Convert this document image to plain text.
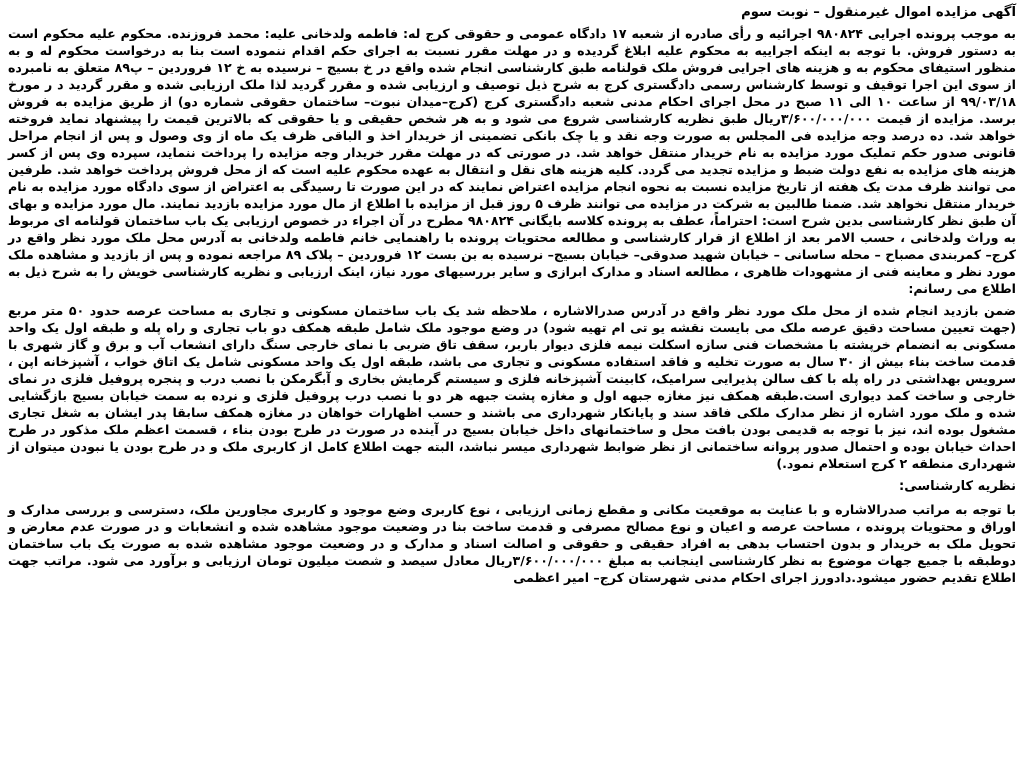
آگهی مزایده اموال غیرمنقول – نوبت سوم

به موجب پرونده اجرایی ۹۸۰۸۲۴ اجرائیه و رأی صادره از شعبه ۱۷ دادگاه عمومی و حقوقی کرج له: فاطمه ولدخانی علیه: محمد فروزنده. محکوم علیه محکوم است به دستور فروش. با توجه به اینکه اجراییه به محکوم علیه ابلاغ گردیده و در مهلت مقرر نسبت به اجرای حکم اقدام ننموده است بنا به درخواست محکوم له و به منظور استیفای محکوم به و هزینه های اجرایی فروش ملک قولنامه طبق کارشناسی انجام شده واقع در خ بسیج – نرسیده به خ ۱۲ فروردین – پ۸۹ متعلق به نامبرده از سوی این اجرا توقیف و توسط کارشناس رسمی دادگستری کرج به شرح ذیل توصیف و ارزیابی شده و مقرر گردید لذا ملک ارزیابی شده و مقرر گردید د ر مورخ ۹۹/۰۳/۱۸ از ساعت ۱۰ الی ۱۱ صبح در محل اجرای احکام مدنی شعبه دادگستری کرج (کرج–میدان نبوت– ساختمان حقوقی شماره دو) از طریق مزایده به فروش برسد. مزایده از قیمت ۳/۶۰۰/۰۰۰/۰۰۰ریال طبق نظریه کارشناسی شروع می شود و به هر شخص حقیقی و یا حقوقی که بالاترین قیمت را پیشنهاد نماید فروخته خواهد شد. ده درصد وجه مزایده فی المجلس به صورت وجه نقد و یا چک بانکی تضمینی از خریدار اخذ و الباقی ظرف یک ماه از وی وصول و پس از انجام مراحل قانونی صدور حکم تملیک مورد مزایده به نام خریدار منتقل خواهد شد. در صورتی که در مهلت مقرر خریدار وجه مزایده را پرداخت ننماید، سپرده وی پس از کسر هزینه های مزایده به نفع دولت ضبط و مزایده تجدید می گردد. کلیه هزینه های نقل و انتقال به عهده محکوم علیه است که از محل فروش پرداخت خواهد شد. طرفین می توانند ظرف مدت یک هفته از تاریخ مزایده نسبت به نحوه انجام مزایده اعتراض نمایند که در این صورت تا رسیدگی به اعتراض از سوی دادگاه مورد مزایده به نام خریدار منتقل نخواهد شد. ضمنا طالبین به شرکت در مزایده می توانند ظرف ۵ روز قبل از مزایده با اطلاع از مال مورد مزایده بازدید نمایند. مال مورد مزایده و بهای آن طبق نظر کارشناسی بدین شرح است: احتراماً، عطف به پرونده کلاسه بایگانی ۹۸۰۸۲۴ مطرح در آن اجراء در خصوص ارزیابی یک باب ساختمان قولنامه ای مربوط به وراث ولدخانی ، حسب الامر بعد از اطلاع از قرار کارشناسی و مطالعه محتویات پرونده با راهنمایی خانم فاطمه ولدخانی به آدرس محل ملک مورد نظر واقع در کرج– کمربندی مصباح – محله ساسانی – خیابان شهید صدوقی– خیابان بسیج– نرسیده به بن بست ۱۲ فروردین – پلاک ۸۹ مراجعه نموده و پس از بازدید و مشاهده ملک مورد نظر و معاینه فنی از مشهودات ظاهری ، مطالعه اسناد و مدارک ابرازی و سایر بررسیهای مورد نیاز، اینک ارزیابی و نظریه کارشناسی خویش را به شرح ذیل به اطلاع می رسانم:

ضمن بازدید انجام شده از محل ملک مورد نظر واقع در آدرس صدرالاشاره ، ملاحظه شد یک باب ساختمان مسکونی و تجاری به مساحت عرصه حدود ۵۰ متر مربع (جهت تعیین مساحت دقیق عرصه ملک می بایست نقشه یو تی ام تهیه شود) در وضع موجود ملک شامل طبقه همکف دو باب تجاری و راه پله و طبقه اول یک واحد مسکونی به انضمام خرپشته با مشخصات فنی سازه اسکلت نیمه فلزی دیوار باربر، سقف تاق ضربی با نمای خارجی سنگ دارای انشعاب آب و برق و گاز شهری با قدمت ساخت بناء بیش از ۳۰ سال به صورت تخلیه و فاقد استفاده مسکونی و تجاری می باشد، طبقه اول یک واحد مسکونی شامل یک اتاق خواب ، آشپزخانه اپن ، سرویس بهداشتی در راه پله با کف سالن پذیرایی سرامیک، کابینت آشپزخانه فلزی و سیستم گرمایش بخاری و آبگرمکن با نصب درب و پنجره پروفیل فلزی در نمای خارجی و ساخت کمد دیواری است.طبقه همکف نیز مغازه جبهه اول و مغازه پشت جبهه هر دو با نصب درب پروفیل فلزی و نرده به سمت خیابان بسیج بازگشایی شده و ملک مورد اشاره از نظر مدارک ملکی فاقد سند و پایانکار شهرداری می باشند و حسب اظهارات خواهان در مغازه همکف سابقا پدر ایشان به شغل تجاری مشغول بوده اند، نیز با توجه به قدیمی بودن بافت محل و ساختمانهای داخل خیابان بسیج در آینده در صورت در طرح بودن بناء ، قسمت اعظم ملک مذکور در طرح احداث خیابان بوده و احتمال صدور پروانه ساختمانی از نظر ضوابط شهرداری میسر نباشد، البته جهت اطلاع کامل از کاربری ملک و در طرح بودن یا نبودن میتوان از شهرداری منطقه ۲ کرج استعلام نمود.)

نظریه کارشناسی:

با توجه به مراتب صدرالاشاره و با عنایت به موقعیت مکانی و مقطع زمانی ارزیابی ، نوع کاربری وضع موجود و کاربری مجاورین ملک، دسترسی و بررسی مدارک و اوراق و محتویات پرونده ، مساحت عرصه و اعیان و نوع مصالح مصرفی و قدمت ساخت بنا در وضعیت موجود مشاهده شده و انشعابات و در صورت عدم معارض و تحویل ملک به خریدار و بدون احتساب بدهی به افراد حقیقی و حقوقی و اصالت اسناد و مدارک و در وضعیت موجود مشاهده شده به صورت یک باب ساختمان دوطبقه با جمیع جهات موضوع به نظر کارشناسی اینجانب به مبلغ ۳/۶۰۰/۰۰۰/۰۰۰ریال معادل سیصد و شصت میلیون تومان ارزیابی و برآورد می شود. مراتب جهت اطلاع تقدیم حضور میشود.دادورز اجرای احکام مدنی شهرستان کرج– امیر اعظمی
